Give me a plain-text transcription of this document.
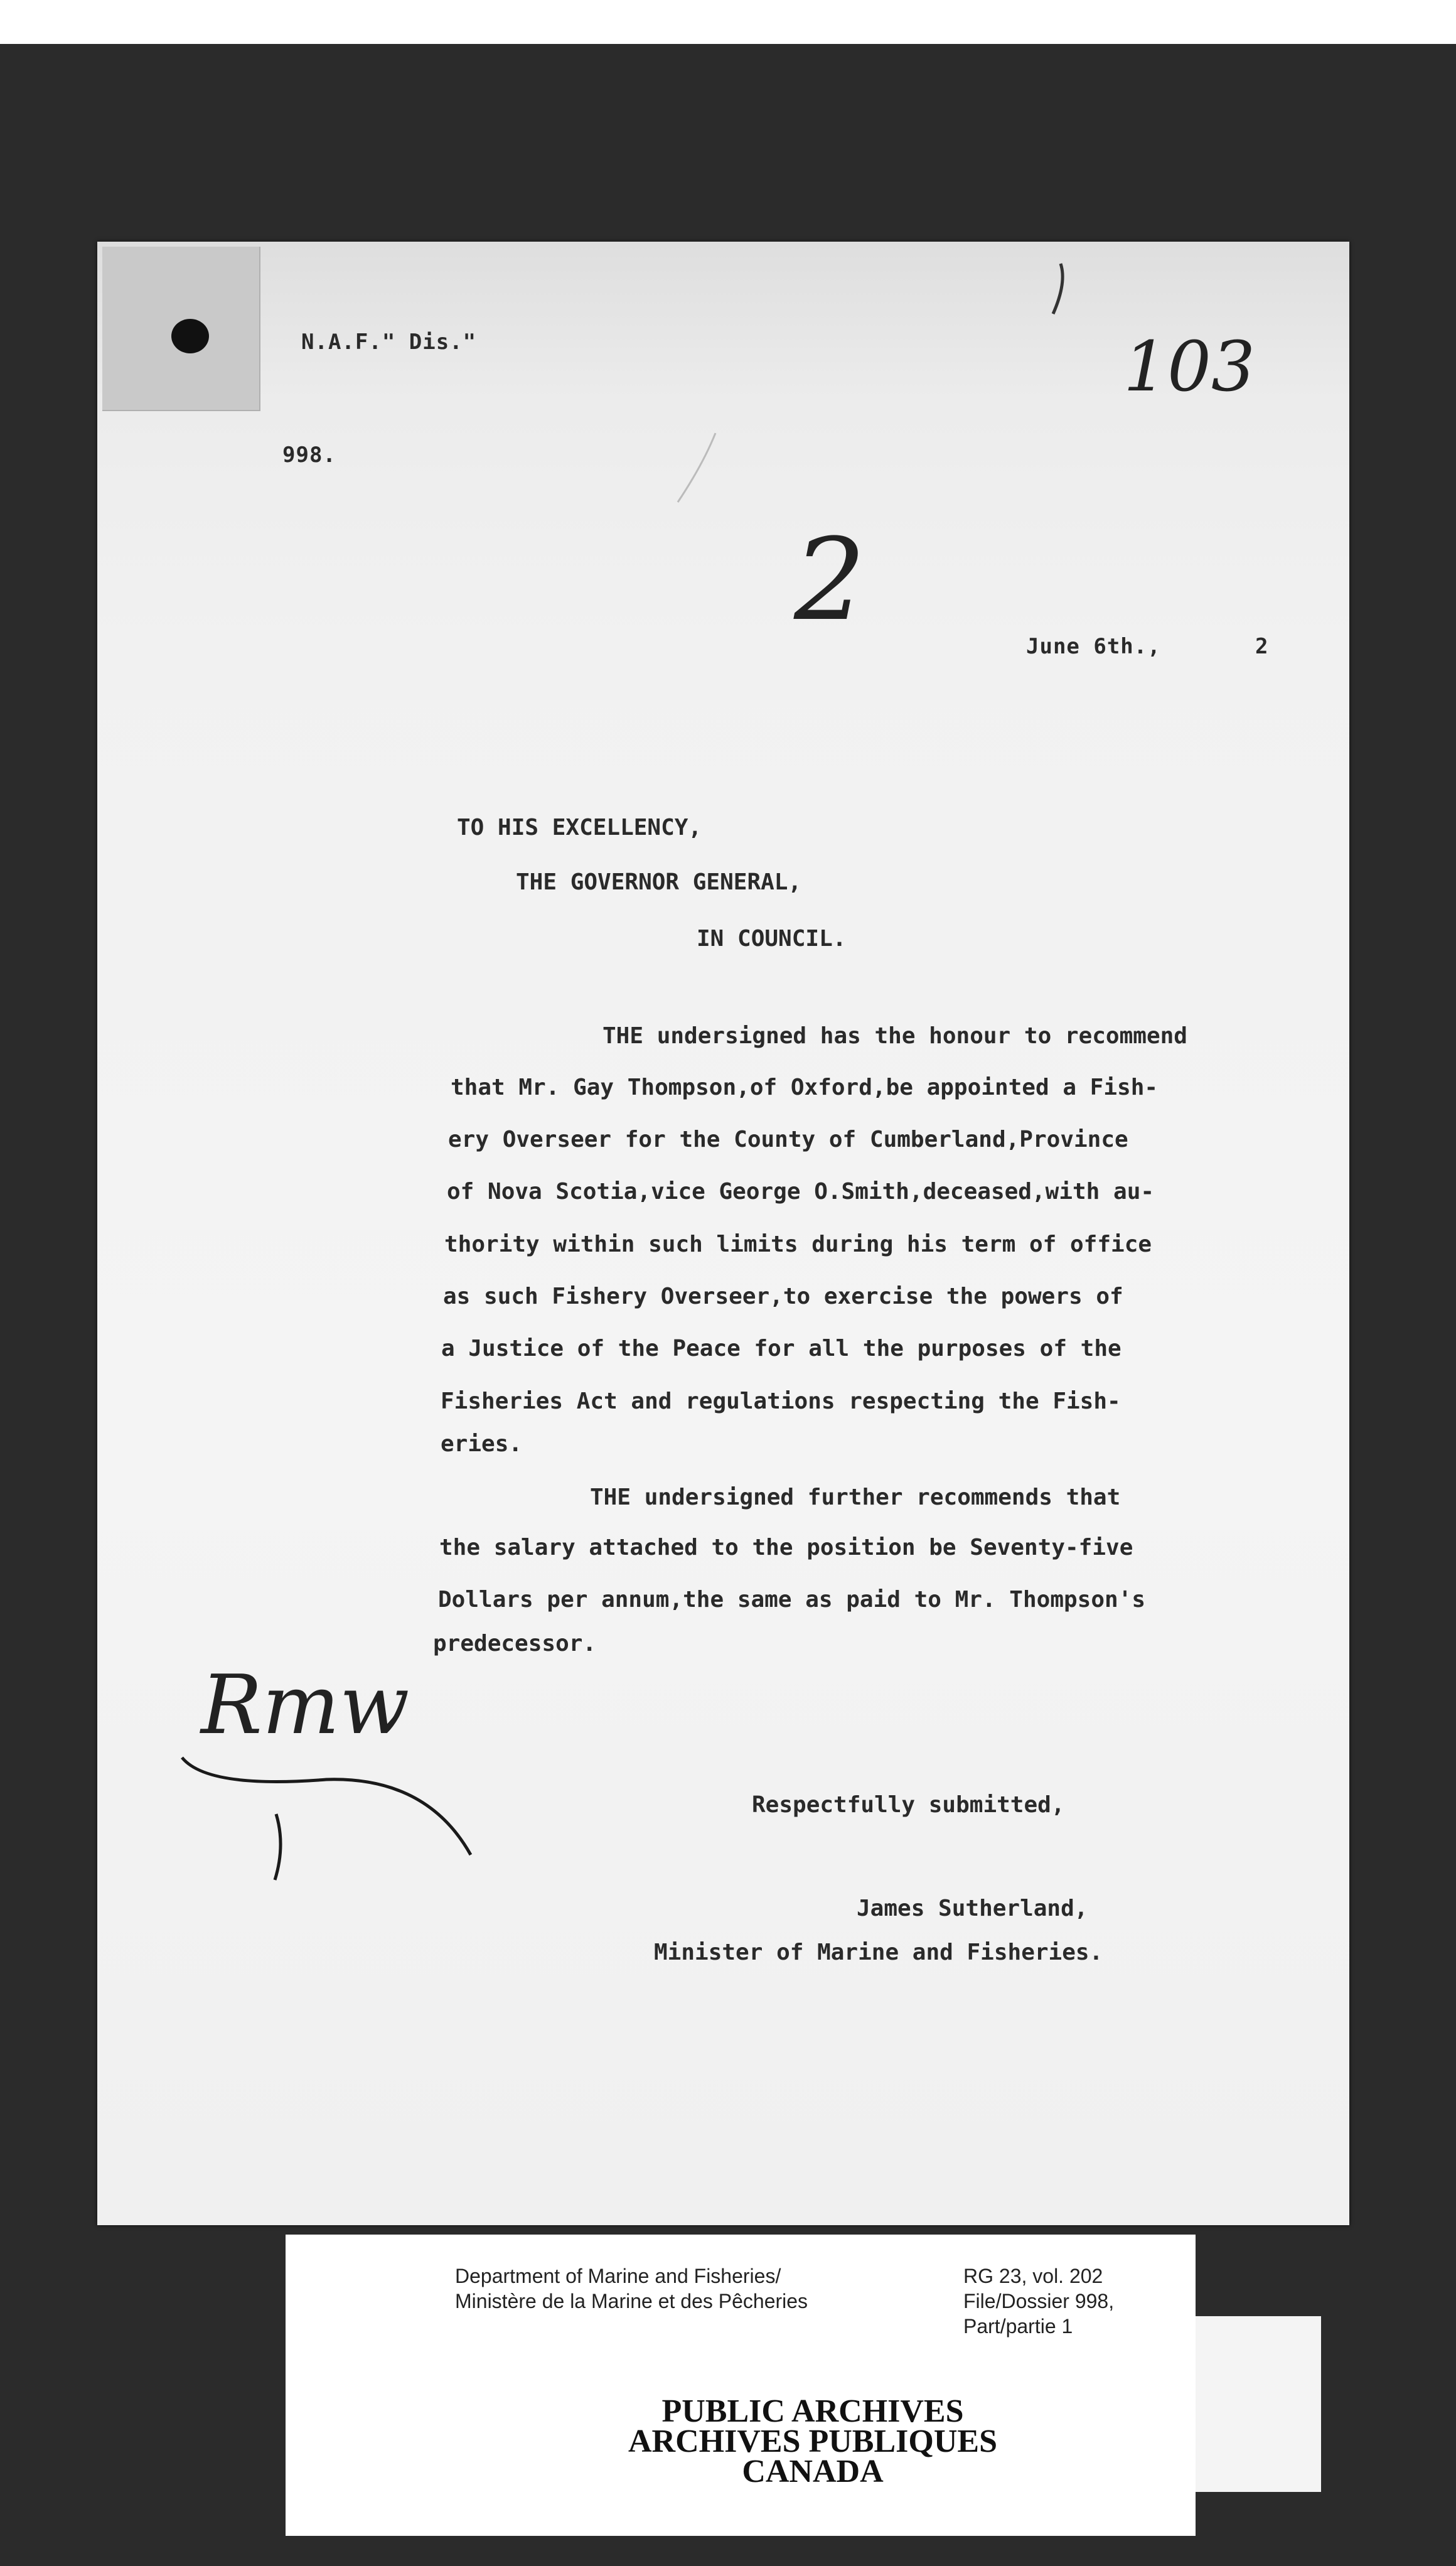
N.A.F." Dis."
998.
103
2
June 6th.,	2
TO HIS EXCELLENCY,
THE GOVERNOR GENERAL,
IN COUNCIL.
THE undersigned has the honour to recommend
that Mr. Gay Thompson,of Oxford,be appointed a Fish-
ery Overseer for the County of Cumberland,Province
of Nova Scotia,vice George O.Smith,deceased,with au-
thority within such limits during his term of office
as such Fishery Overseer,to exercise the powers of
a Justice of the Peace for all the purposes of the
Fisheries Act and regulations respecting the Fish-
eries.
THE undersigned further recommends that
the salary attached to the position be Seventy-five
Dollars per annum,the same as paid to Mr. Thompson's
predecessor.
Rmw
Respectfully submitted,
James Sutherland,
Minister of Marine and Fisheries.
Department of Marine and Fisheries/
Ministère de la Marine et des Pêcheries
RG 23, vol. 202
File/Dossier 998,
Part/partie 1
PUBLIC ARCHIVES
ARCHIVES PUBLIQUES
CANADA
